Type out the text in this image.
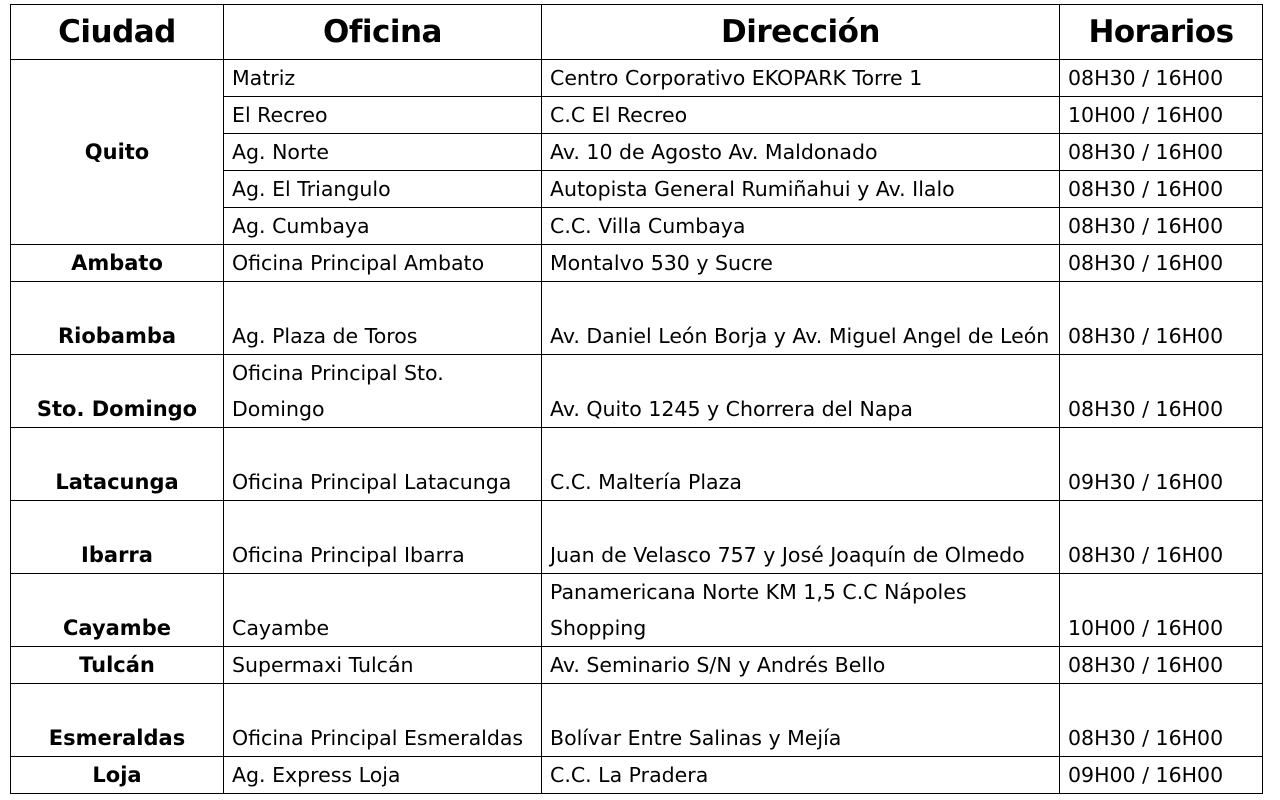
Ciudad	Oficina	Dirección	Horarios
Quito	Matriz	Centro Corporativo EKOPARK Torre 1	08H30 / 16H00
	El Recreo	C.C El Recreo	10H00 / 16H00
	Ag. Norte	Av. 10 de Agosto Av. Maldonado	08H30 / 16H00
	Ag. El Triangulo	Autopista General Rumiñahui y Av. Ilalo	08H30 / 16H00
	Ag. Cumbaya	C.C. Villa Cumbaya	08H30 / 16H00
Ambato	Oficina Principal Ambato	Montalvo 530 y Sucre	08H30 / 16H00
Riobamba	Ag. Plaza de Toros	Av. Daniel León Borja y Av. Miguel Angel de León	08H30 / 16H00
Sto. Domingo	Oficina Principal Sto. Domingo	Av. Quito 1245 y Chorrera del Napa	08H30 / 16H00
Latacunga	Oficina Principal Latacunga	C.C. Maltería Plaza	09H30 / 16H00
Ibarra	Oficina Principal Ibarra	Juan de Velasco 757 y José Joaquín de Olmedo	08H30 / 16H00
Cayambe	Cayambe	Panamericana Norte KM 1,5 C.C Nápoles Shopping	10H00 / 16H00
Tulcán	Supermaxi Tulcán	Av. Seminario S/N y Andrés Bello	08H30 / 16H00
Esmeraldas	Oficina Principal Esmeraldas	Bolívar Entre Salinas y Mejía	08H30 / 16H00
Loja	Ag. Express Loja	C.C. La Pradera	09H00 / 16H00
